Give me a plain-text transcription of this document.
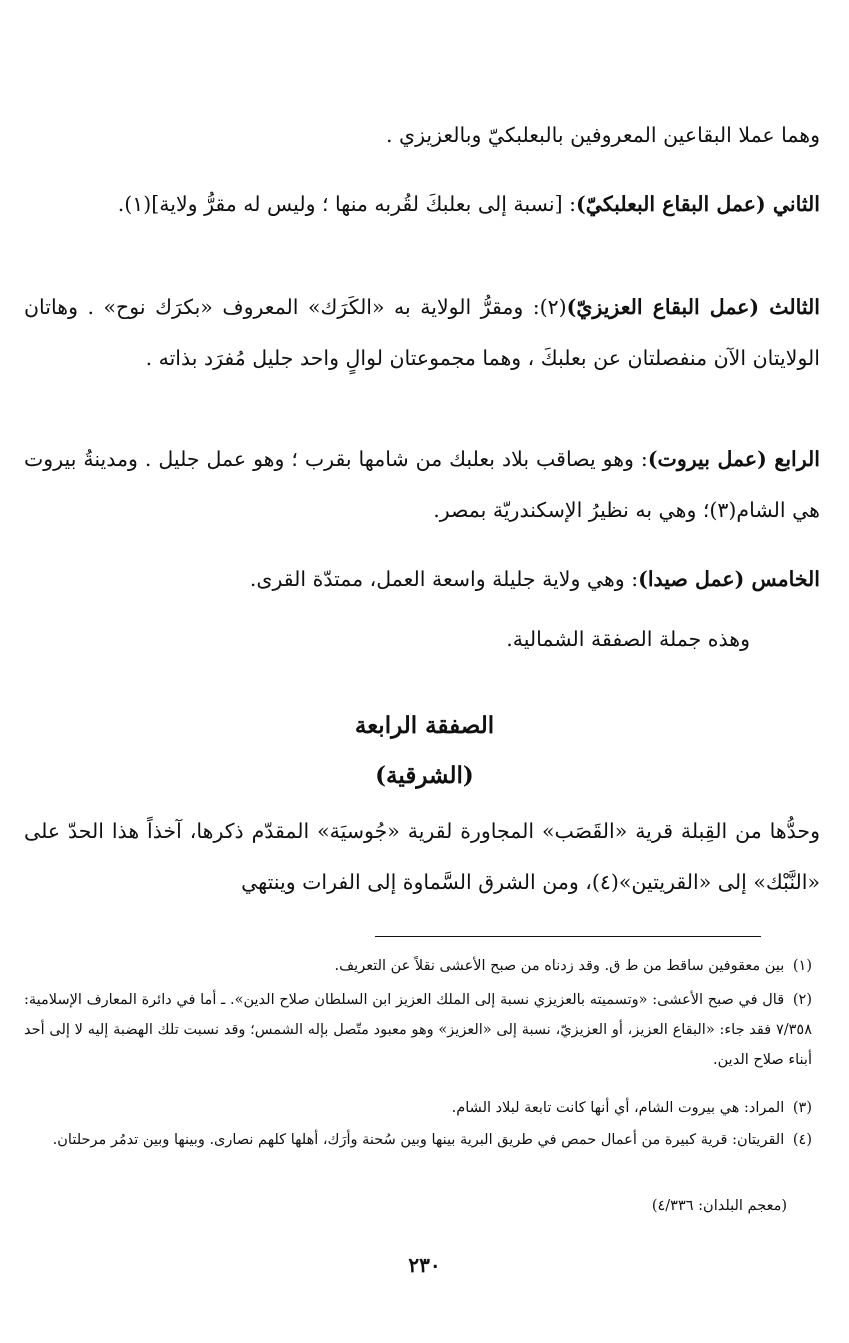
وهما عملا البقاعين المعروفين بالبعلبكيّ وبالعزيزي .

الثاني (عمل البقاع البعلبكيّ): [نسبة إلى بعلبكَ لقُربه منها ؛ وليس له مقرُّ ولاية](١).

الثالث (عمل البقاع العزيزيّ)(٢): ومقرُّ الولاية به «الكَرَك» المعروف «بكرَك نوح» . وهاتان الولايتان الآن منفصلتان عن بعلبكَ ، وهما مجموعتان لوالٍ واحد جليل مُفرَد بذاته .

الرابع (عمل بيروت): وهو يصاقب بلاد بعلبك من شامها بقرب ؛ وهو عمل جليل . ومدينةُ بيروت هي الشام(٣)؛ وهي به نظيرُ الإسكندريّة بمصر.

الخامس (عمل صيدا): وهي ولاية جليلة واسعة العمل، ممتدّة القرى.

وهذه جملة الصفقة الشمالية.

الصفقة الرابعة
(الشرقية)

وحدُّها من القِبلة قرية «القَصَب» المجاورة لقرية «جُوسيَة» المقدّم ذكرها، آخذاً هذا الحدّ على «النَّبْك» إلى «القريتين»(٤)، ومن الشرق السَّماوة إلى الفرات وينتهي

(١) بين معقوفين ساقط من ط ق. وقد زدناه من صبح الأعشى نقلاً عن التعريف.

(٢) قال في صبح الأعشى: «وتسميته بالعزيزي نسبة إلى الملك العزيز ابن السلطان صلاح الدين». ـ أما في دائرة المعارف الإسلامية: ٧/٣٥٨ فقد جاء: «البقاع العزيز، أو العزيزيّ، نسبة إلى «العزيز» وهو معبود متّصل بإله الشمس؛ وقد نسبت تلك الهضبة إليه لا إلى أحد أبناء صلاح الدين.

(٣) المراد: هي بيروت الشام، أي أنها كانت تابعة لبلاد الشام.

(٤) القريتان: قرية كبيرة من أعمال حمص في طريق البرية بينها وبين سُحنة وأرَك، أهلها كلهم نصارى. وبينها وبين تدمُر مرحلتان.

(معجم البلدان: ٤/٣٣٦)

٢٣٠
